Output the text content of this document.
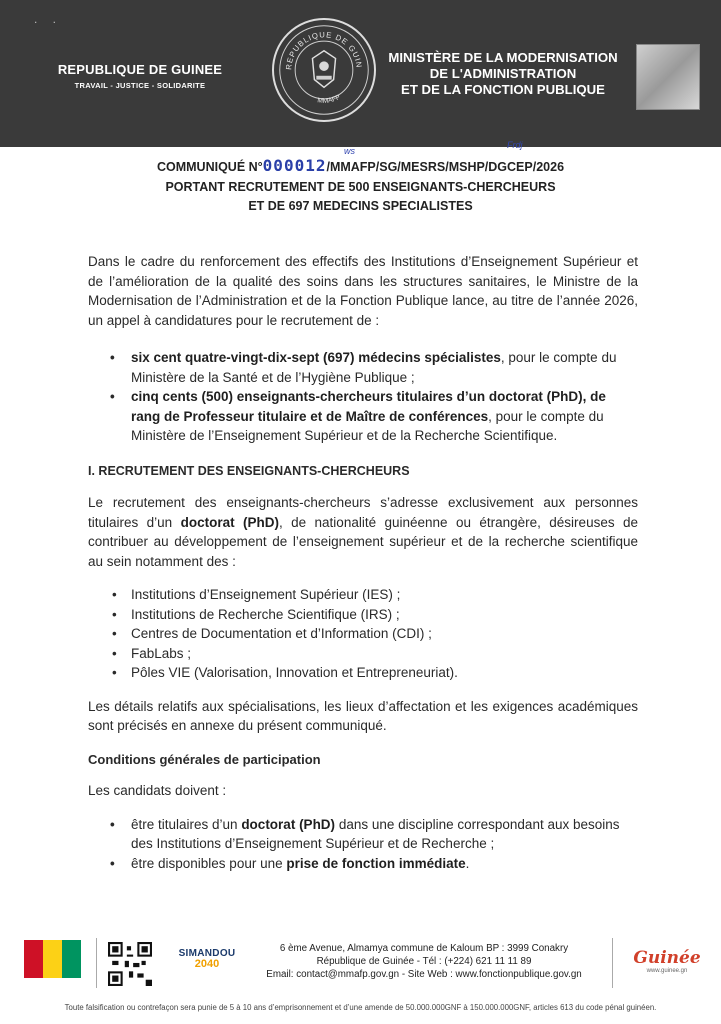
. .
REPUBLIQUE DE GUINEE
TRAVAIL - JUSTICE - SOLIDARITE
REPUBLIQUE DE GUIN
MMAFP
MINISTÈRE DE LA MODERNISATION
DE L'ADMINISTRATION
ET DE LA FONCTION PUBLIQUE
COMMUNIQUÉ N°000012/MMAFP/SG/MESRS/MSHP/DGCEP/2026
PORTANT RECRUTEMENT DE 500 ENSEIGNANTS-CHERCHEURS
ET DE 697 MEDECINS SPECIALISTES
ws
Frdj

Dans le cadre du renforcement des effectifs des Institutions d’Enseignement Supérieur et de l’amélioration de la qualité des soins dans les structures sanitaires, le Ministre de la Modernisation de l’Administration et de la Fonction Publique lance, au titre de l’année 2026, un appel à candidatures pour le recrutement de :

• six cent quatre-vingt-dix-sept (697) médecins spécialistes, pour le compte du Ministère de la Santé et de l’Hygiène Publique ;
• cinq cents (500) enseignants-chercheurs titulaires d’un doctorat (PhD), de rang de Professeur titulaire et de Maître de conférences, pour le compte du Ministère de l’Enseignement Supérieur et de la Recherche Scientifique.
I. RECRUTEMENT DES ENSEIGNANTS-CHERCHEURS

Le recrutement des enseignants-chercheurs s’adresse exclusivement aux personnes titulaires d’un doctorat (PhD), de nationalité guinéenne ou étrangère, désireuses de contribuer au développement de l’enseignement supérieur et de la recherche scientifique au sein notamment des :

• Institutions d’Enseignement Supérieur (IES) ;
• Institutions de Recherche Scientifique (IRS) ;
• Centres de Documentation et d’Information (CDI) ;
• FabLabs ;
• Pôles VIE (Valorisation, Innovation et Entrepreneuriat).

Les détails relatifs aux spécialisations, les lieux d’affectation et les exigences académiques sont précisés en annexe du présent communiqué.

Conditions générales de participation

Les candidats doivent :

• être titulaires d’un doctorat (PhD) dans une discipline correspondant aux besoins des Institutions d’Enseignement Supérieur et de Recherche ;
• être disponibles pour une prise de fonction immédiate.
SIMANDOU
2040
6 ème Avenue, Almamya commune de Kaloum BP : 3999 Conakry
République de Guinée - Tél : (+224) 621 11 11 89
Email: contact@mmafp.gov.gn - Site Web : www.fonctionpublique.gov.gn
Guinée
www.guinee.gn
Toute falsification ou contrefaçon sera punie de 5 à 10 ans d’emprisonnement et d’une amende de 50.000.000GNF à 150.000.000GNF, articles 613 du code pénal guinéen.
